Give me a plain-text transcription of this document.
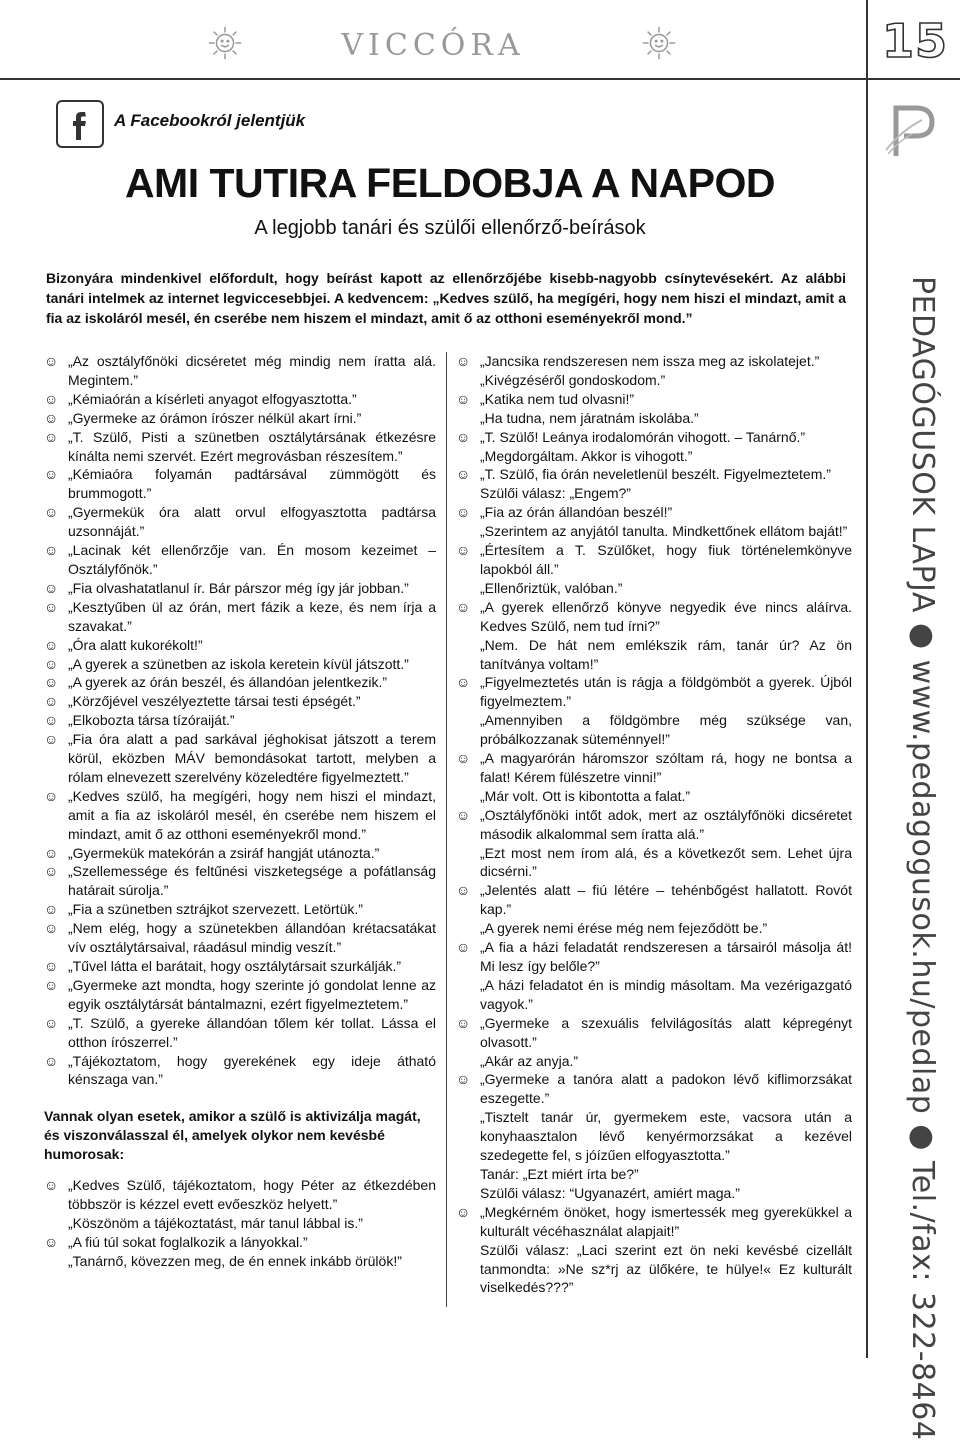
VICCÓRA	15
PEDAGÓGUSOK LAPJA ● www.pedagogusok.hu/pedlap ● Tel./fax: 322-8464
A Facebookról jelentjük
AMI TUTIRA FELDOBJA A NAPOD
A legjobb tanári és szülői ellenőrző-beírások
Bizonyára mindenkivel előfordult, hogy beírást kapott az ellenőrzőjébe kisebb-nagyobb csínytevésekért. Az alábbi tanári intelmek az internet legviccesebbjei. A kedvencem: „Kedves szülő, ha megígéri, hogy nem hiszi el mindazt, amit a fia az iskoláról mesél, én cserébe nem hiszem el mindazt, amit ő az otthoni eseményekről mond.”

☺ „Az osztályfőnöki dicséretet még mindig nem íratta alá. Megintem.”

☺ „Kémiaórán a kísérleti anyagot elfogyasztotta.”

☺ „Gyermeke az órámon írószer nélkül akart írni.”

☺ „T. Szülő, Pisti a szünetben osztálytársának étkezésre kínálta nemi szervét. Ezért megrovásban részesítem.”

☺ „Kémiaóra folyamán padtársával zümmögött és brummogott.”

☺ „Gyermekük óra alatt orvul elfogyasztotta padtársa uzsonnáját.”

☺ „Lacinak két ellenőrzője van. Én mosom kezeimet – Osztályfőnök.”

☺ „Fia olvashatatlanul ír. Bár párszor még így jár jobban.”

☺ „Kesztyűben ül az órán, mert fázik a keze, és nem írja a szavakat.”

☺ „Óra alatt kukorékolt!”

☺ „A gyerek a szünetben az iskola keretein kívül játszott.”

☺ „A gyerek az órán beszél, és állandóan jelentkezik.”

☺ „Körzőjével veszélyeztette társai testi épségét.”

☺ „Elkobozta társa tízóraiját.”

☺ „Fia óra alatt a pad sarkával jéghokisat játszott a terem körül, eközben MÁV bemondásokat tartott, melyben a rólam elnevezett szerelvény közeledtére figyelmeztett.”

☺ „Kedves szülő, ha megígéri, hogy nem hiszi el mindazt, amit a fia az iskoláról mesél, én cserébe nem hiszem el mindazt, amit ő az otthoni eseményekről mond.”

☺ „Gyermekük matekórán a zsiráf hangját utánozta.”

☺ „Szellemessége és feltűnési viszketegsége a pofátlanság határait súrolja.”

☺ „Fia a szünetben sztrájkot szervezett. Letörtük.”

☺ „Nem elég, hogy a szünetekben állandóan krétacsatákat vív osztálytársaival, ráadásul mindig veszít.”

☺ „Tűvel látta el barátait, hogy osztálytársait szurkálják.”

☺ „Gyermeke azt mondta, hogy szerinte jó gondolat lenne az egyik osztálytársát bántalmazni, ezért figyelmeztetem.”

☺ „T. Szülő, a gyereke állandóan tőlem kér tollat. Lássa el otthon írószerrel.”

☺ „Tájékoztatom, hogy gyerekének egy ideje átható kénszaga van.”

Vannak olyan esetek, amikor a szülő is aktivizálja magát, és viszonválasszal él, amelyek olykor nem kevésbé humorosak:

☺ „Kedves Szülő, tájékoztatom, hogy Péter az étkezdében többször is kézzel evett evőeszköz helyett.”

„Köszönöm a tájékoztatást, már tanul lábbal is.”

☺ „A fiú túl sokat foglalkozik a lányokkal.”

„Tanárnő, kövezzen meg, de én ennek inkább örülök!”

☺ „Jancsika rendszeresen nem issza meg az iskolatejet.”

„Kivégzéséről gondoskodom.”

☺ „Katika nem tud olvasni!”

„Ha tudna, nem járatnám iskolába.”

☺ „T. Szülő! Leánya irodalomórán vihogott. – Tanárnő.”

„Megdorgáltam. Akkor is vihogott.”

☺ „T. Szülő, fia órán neveletlenül beszélt. Figyelmeztetem.”

Szülői válasz: „Engem?”

☺ „Fia az órán állandóan beszél!”

„Szerintem az anyjától tanulta. Mindkettőnek ellátom baját!”

☺ „Értesítem a T. Szülőket, hogy fiuk történelemkönyve lapokból áll.”

„Ellenőriztük, valóban.”

☺ „A gyerek ellenőrző könyve negyedik éve nincs aláírva. Kedves Szülő, nem tud írni?”

„Nem. De hát nem emlékszik rám, tanár úr? Az ön tanítványa voltam!”

☺ „Figyelmeztetés után is rágja a földgömböt a gyerek. Újból figyelmeztem.”

„Amennyiben a földgömbre még szüksége van, próbálkozzanak süteménnyel!”

☺ „A magyarórán háromszor szóltam rá, hogy ne bontsa a falat! Kérem fülészetre vinni!”

„Már volt. Ott is kibontotta a falat.”

☺ „Osztályfőnöki intőt adok, mert az osztályfőnöki dicséretet második alkalommal sem íratta alá.”

„Ezt most nem írom alá, és a következőt sem. Lehet újra dicsérni.”

☺ „Jelentés alatt – fiú létére – tehénbőgést hallatott. Rovót kap.”

„A gyerek nemi érése még nem fejeződött be.”

☺ „A fia a házi feladatát rendszeresen a társairól másolja át! Mi lesz így belőle?”

„A házi feladatot én is mindig másoltam. Ma vezérigazgató vagyok.”

☺ „Gyermeke a szexuális felvilágosítás alatt képregényt olvasott.”

„Akár az anyja.”

☺ „Gyermeke a tanóra alatt a padokon lévő kiflimorzsákat eszegette.”

„Tisztelt tanár úr, gyermekem este, vacsora után a konyhaasztalon lévő kenyérmorzsákat a kezével szedegette fel, s jóízűen elfogyasztotta.”

Tanár: „Ezt miért írta be?”

Szülői válasz: “Ugyanazért, amiért maga.”

☺ „Megkérném önöket, hogy ismertessék meg gyerekükkel a kulturált vécéhasználat alapjait!”

Szülői válasz: „Laci szerint ezt ön neki kevésbé cizellált tanmondta: »Ne sz*rj az ülőkére, te hülye!« Ez kulturált viselkedés???”
